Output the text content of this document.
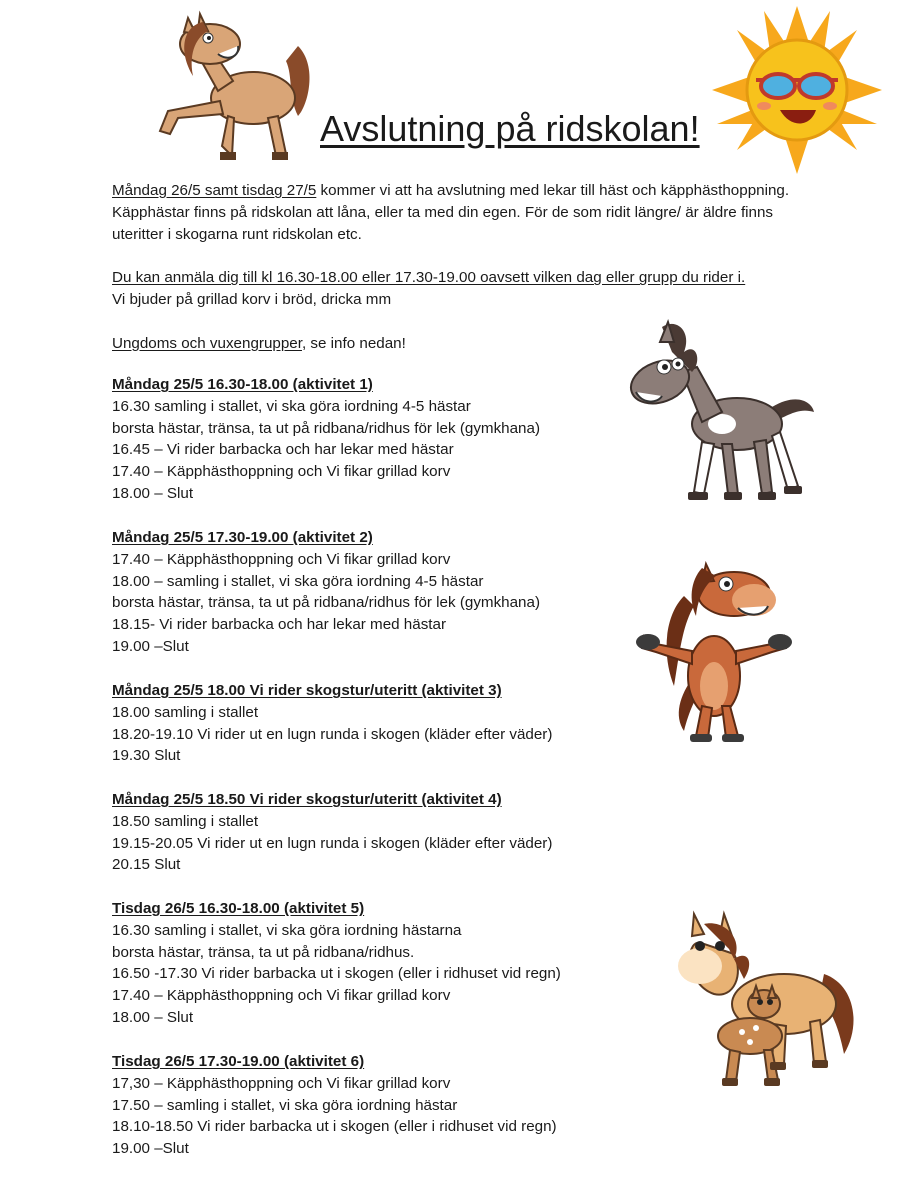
Avslutning på ridskolan!

Måndag 26/5 samt tisdag 27/5 kommer vi att ha avslutning med lekar till häst och käpphästhoppning.

Käpphästar finns på ridskolan att låna, eller ta med din egen. För de som ridit längre/ är äldre finns

uteritter i skogarna runt ridskolan etc.

Du kan anmäla dig till kl 16.30-18.00 eller 17.30-19.00 oavsett vilken dag eller grupp du rider i.

Vi bjuder på grillad korv i bröd, dricka mm

Ungdoms och vuxengrupper, se info nedan!

Måndag 25/5 16.30-18.00 (aktivitet 1)
16.30 samling i stallet, vi ska göra iordning 4-5 hästar
borsta hästar, tränsa, ta ut på ridbana/ridhus för lek (gymkhana)
16.45 – Vi rider barbacka och har lekar med hästar
17.40 – Käpphästhoppning och Vi fikar grillad korv
18.00 – Slut
Måndag 25/5 17.30-19.00 (aktivitet 2)
17.40 – Käpphästhoppning och Vi fikar grillad korv
18.00 – samling i stallet, vi ska göra iordning 4-5 hästar
borsta hästar, tränsa, ta ut på ridbana/ridhus för lek (gymkhana)
18.15- Vi rider barbacka och har lekar med hästar
19.00 –Slut
Måndag 25/5 18.00 Vi rider skogstur/uteritt (aktivitet 3)
18.00 samling i stallet
18.20-19.10 Vi rider ut en lugn runda i skogen (kläder efter väder)
19.30 Slut
Måndag 25/5 18.50 Vi rider skogstur/uteritt (aktivitet 4)
18.50 samling i stallet
19.15-20.05 Vi rider ut en lugn runda i skogen (kläder efter väder)
20.15 Slut
Tisdag 26/5 16.30-18.00 (aktivitet 5)
16.30 samling i stallet, vi ska göra iordning hästarna
borsta hästar, tränsa, ta ut på ridbana/ridhus.
16.50 -17.30 Vi rider barbacka ut i skogen (eller i ridhuset vid regn)
17.40 – Käpphästhoppning och Vi fikar grillad korv
18.00 – Slut
Tisdag 26/5 17.30-19.00 (aktivitet 6)
17,30 – Käpphästhoppning och Vi fikar grillad korv
17.50 – samling i stallet, vi ska göra iordning hästar
18.10-18.50 Vi rider barbacka ut i skogen (eller i ridhuset vid regn)
19.00 –Slut
